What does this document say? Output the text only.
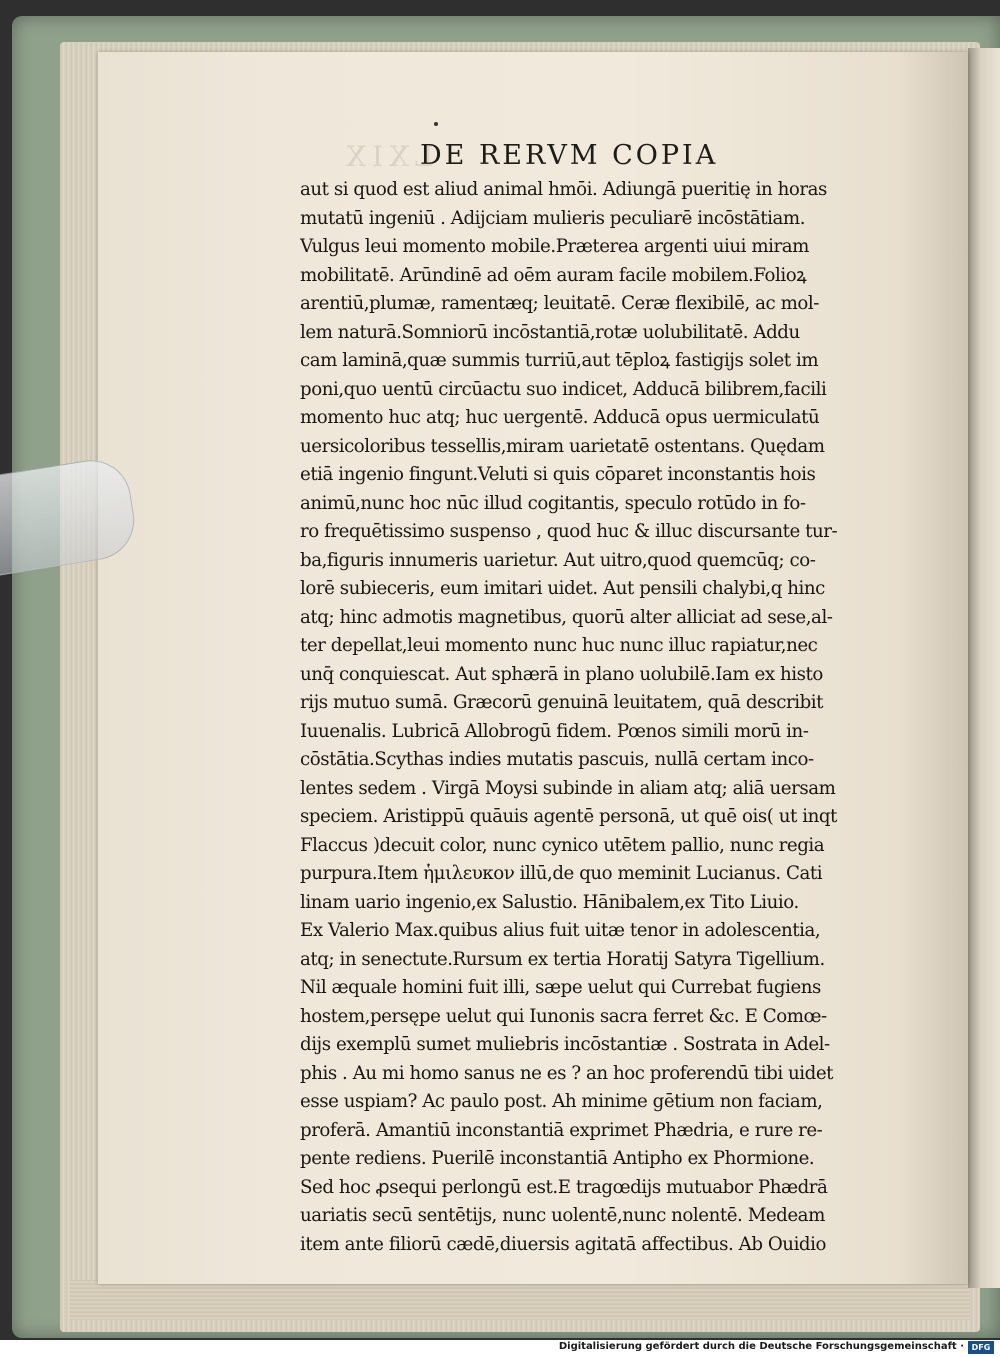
LXIX
DE RERVM COPIA
aut si quod est aliud animal hmōi. Adiungā pueritię in horas
mutatū ingeniū . Adijciam mulieris peculiarē incōstātiam.
Vulgus leui momento mobile.Præterea argenti uiui miram
mobilitatē. Arūndinē ad oēm auram facile mobilem.Folioꝝ
arentiū,plumæ, ramentæq; leuitatē. Ceræ flexibilē, ac mol-
lem naturā.Somniorū incōstantiā,rotæ uolubilitatē. Addu
cam laminā,quæ summis turriū,aut tēploꝝ fastigijs solet im
poni,quo uentū circūactu suo indicet, Adducā bilibrem,facili
momento huc atq; huc uergentē. Adducā opus uermiculatū
uersicoloribus tessellis,miram uarietatē ostentans. Quędam
etiā ingenio fingunt.Veluti si quis cōparet inconstantis hois
animū,nunc hoc nūc illud cogitantis, speculo rotūdo in fo-
ro frequētissimo suspenso , quod huc & illuc discursante tur-
ba,figuris innumeris uarietur. Aut uitro,quod quemcūq; co-
lorē subieceris, eum imitari uidet. Aut pensili chalybi,q hinc
atq; hinc admotis magnetibus, quorū alter alliciat ad sese,al-
ter depellat,leui momento nunc huc nunc illuc rapiatur,nec
unq̄ conquiescat. Aut sphærā in plano uolubilē.Iam ex histo
rijs mutuo sumā. Græcorū genuinā leuitatem, quā describit
Iuuenalis. Lubricā Allobrogū fidem. Pœnos simili morū in-
cōstātia.Scythas indies mutatis pascuis, nullā certam inco-
lentes sedem . Virgā Moysi subinde in aliam atq; aliā uersam
speciem. Aristippū quāuis agentē personā, ut quē ois( ut inqt
Flaccus )decuit color, nunc cynico utētem pallio, nunc regia
purpura.Item ἡμιλευκον illū,de quo meminit Lucianus. Cati
linam uario ingenio,ex Salustio. Hānibalem,ex Tito Liuio.
Ex Valerio Max.quibus alius fuit uitæ tenor in adolescentia,
atq; in senectute.Rursum ex tertia Horatij Satyra Tigellium.
Nil æquale homini fuit illi, sæpe uelut qui Currebat fugiens
hostem,persępe uelut qui Iunonis sacra ferret &c. E Comœ-
dijs exemplū sumet muliebris incōstantiæ . Sostrata in Adel-
phis . Au mi homo sanus ne es ? an hoc proferendū tibi uidet
esse uspiam? Ac paulo post. Ah minime gētium non faciam,
proferā. Amantiū inconstantiā exprimet Phædria, e rure re-
pente rediens. Puerilē inconstantiā Antipho ex Phormione.
Sed hoc ꝓsequi perlongū est.E tragœdijs mutuabor Phædrā
uariatis secū sentētijs, nunc uolentē,nunc nolentē. Medeam
item ante filiorū cædē,diuersis agitatā affectibus. Ab Ouidio
Digitalisierung gefördert durch die Deutsche Forschungsgemeinschaft · DFG
